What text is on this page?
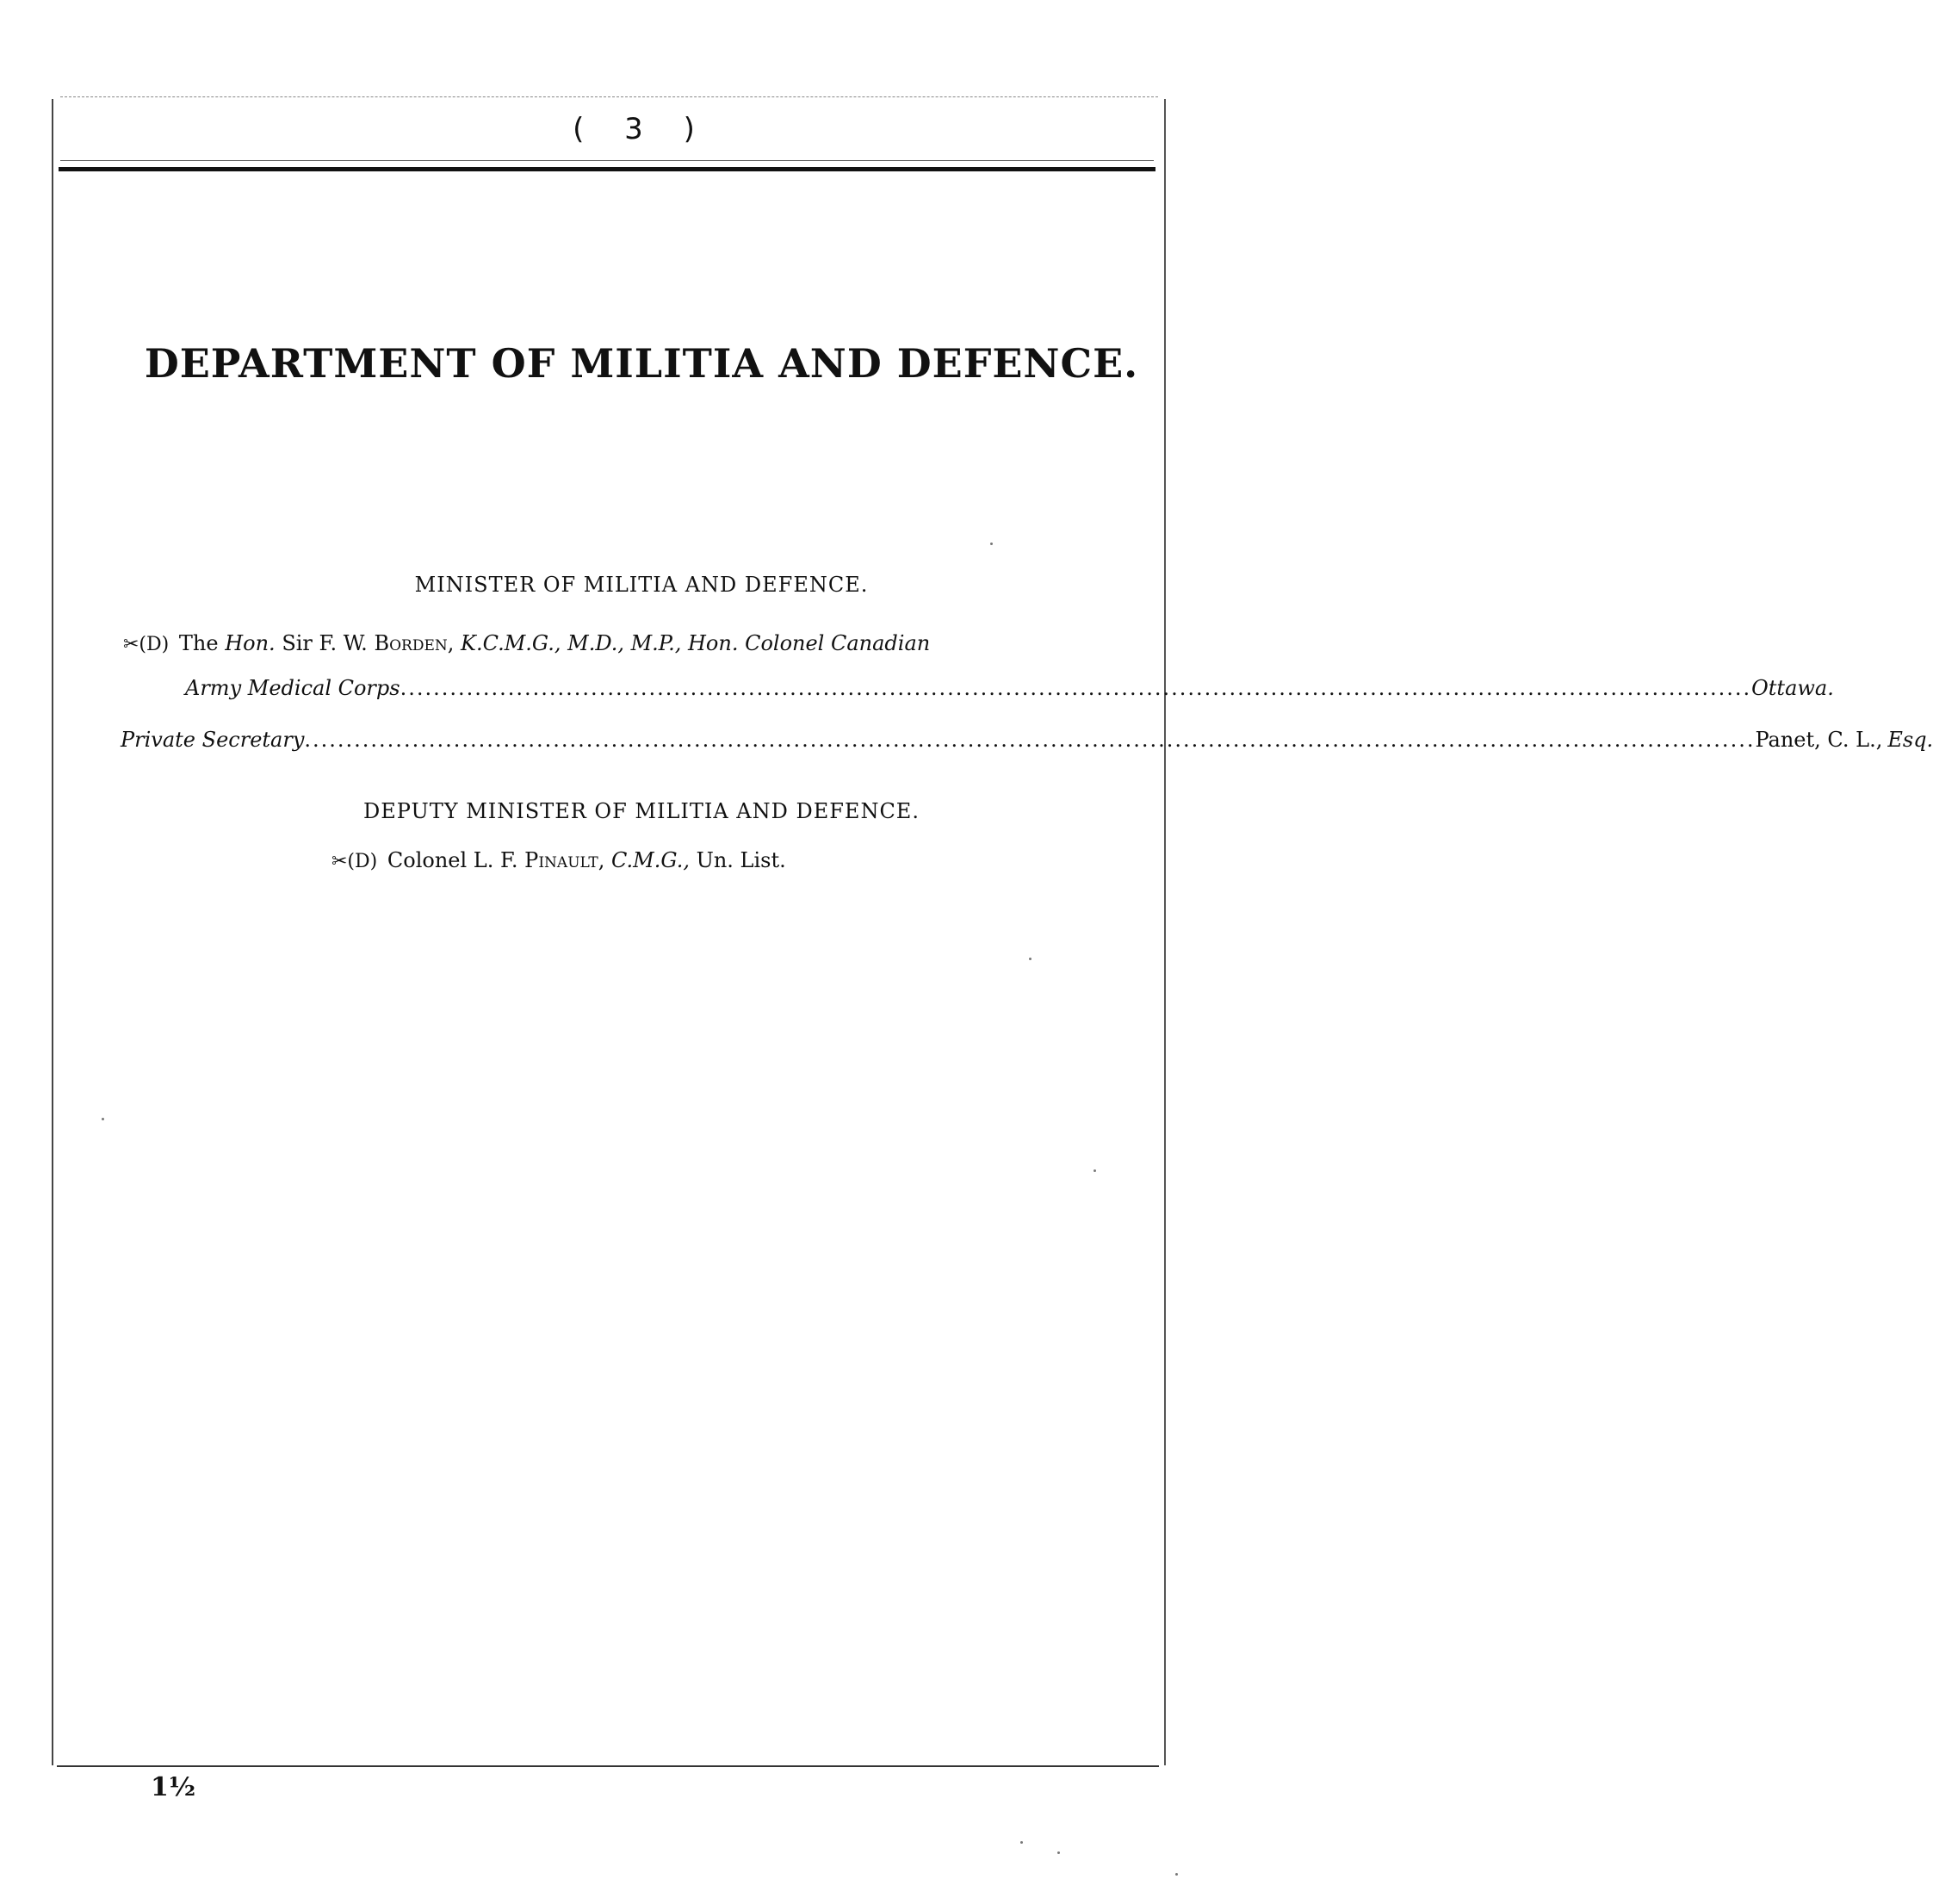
( 3 )
DEPARTMENT OF MILITIA AND DEFENCE.
MINISTER OF MILITIA AND DEFENCE.
✂(D) The Hon. Sir F. W. Borden, K.C.M.G., M.D., M.P., Hon. Colonel Canadian
Army Medical Corps ................................................................................................................................................................... Ottawa.
Private Secretary ............................................................................................................................................................................... Panet, C. L., Esq.
DEPUTY MINISTER OF MILITIA AND DEFENCE.
✂(D) Colonel L. F. Pinault, C.M.G., Un. List.
1½
